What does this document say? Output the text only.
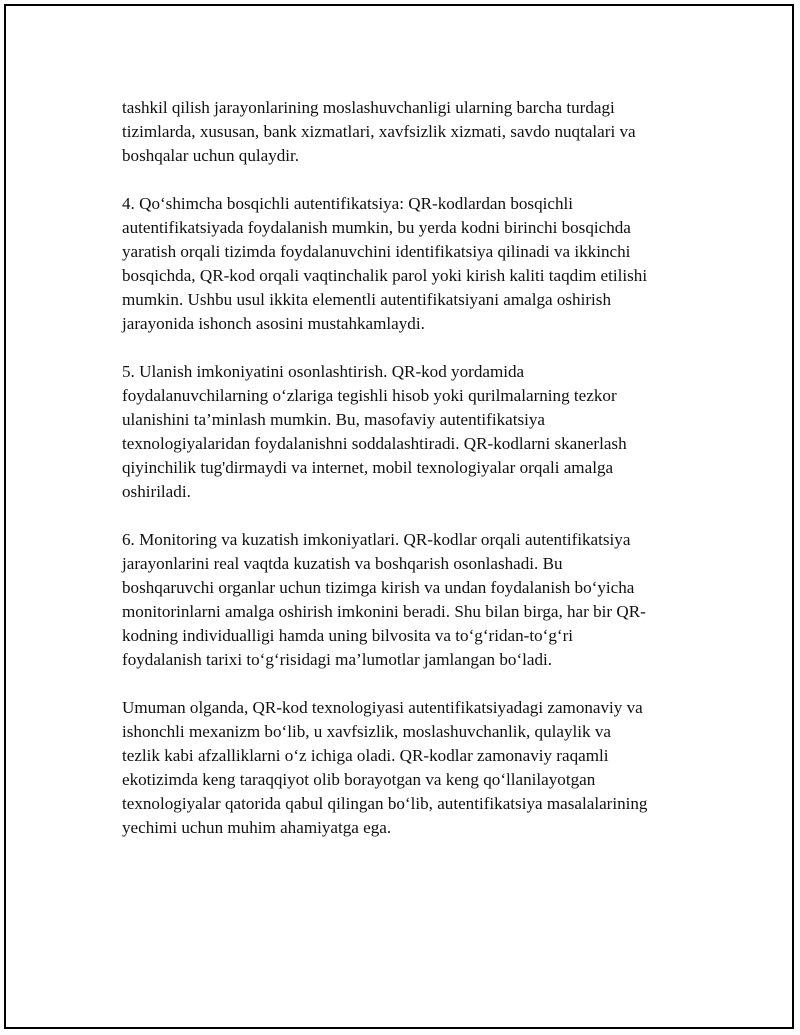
tashkil qilish jarayonlarining moslashuvchanligi ularning barcha turdagi
tizimlarda, xususan, bank xizmatlari, xavfsizlik xizmati, savdo nuqtalari va
boshqalar uchun qulaydir.

4. Qo‘shimcha bosqichli autentifikatsiya: QR-kodlardan bosqichli
autentifikatsiyada foydalanish mumkin, bu yerda kodni birinchi bosqichda
yaratish orqali tizimda foydalanuvchini identifikatsiya qilinadi va ikkinchi
bosqichda, QR-kod orqali vaqtinchalik parol yoki kirish kaliti taqdim etilishi
mumkin. Ushbu usul ikkita elementli autentifikatsiyani amalga oshirish
jarayonida ishonch asosini mustahkamlaydi.

5. Ulanish imkoniyatini osonlashtirish. QR-kod yordamida
foydalanuvchilarning o‘zlariga tegishli hisob yoki qurilmalarning tezkor
ulanishini ta’minlash mumkin. Bu, masofaviy autentifikatsiya
texnologiyalaridan foydalanishni soddalashtiradi. QR-kodlarni skanerlash
qiyinchilik tug'dirmaydi va internet, mobil texnologiyalar orqali amalga
oshiriladi.

6. Monitoring va kuzatish imkoniyatlari. QR-kodlar orqali autentifikatsiya
jarayonlarini real vaqtda kuzatish va boshqarish osonlashadi. Bu
boshqaruvchi organlar uchun tizimga kirish va undan foydalanish bo‘yicha
monitorinlarni amalga oshirish imkonini beradi. Shu bilan birga, har bir QR-
kodning individualligi hamda uning bilvosita va to‘g‘ridan-to‘g‘ri
foydalanish tarixi to‘g‘risidagi ma’lumotlar jamlangan bo‘ladi.

Umuman olganda, QR-kod texnologiyasi autentifikatsiyadagi zamonaviy va
ishonchli mexanizm bo‘lib, u xavfsizlik, moslashuvchanlik, qulaylik va
tezlik kabi afzalliklarni o‘z ichiga oladi. QR-kodlar zamonaviy raqamli
ekotizimda keng taraqqiyot olib borayotgan va keng qo‘llanilayotgan
texnologiyalar qatorida qabul qilingan bo‘lib, autentifikatsiya masalalarining
yechimi uchun muhim ahamiyatga ega.
